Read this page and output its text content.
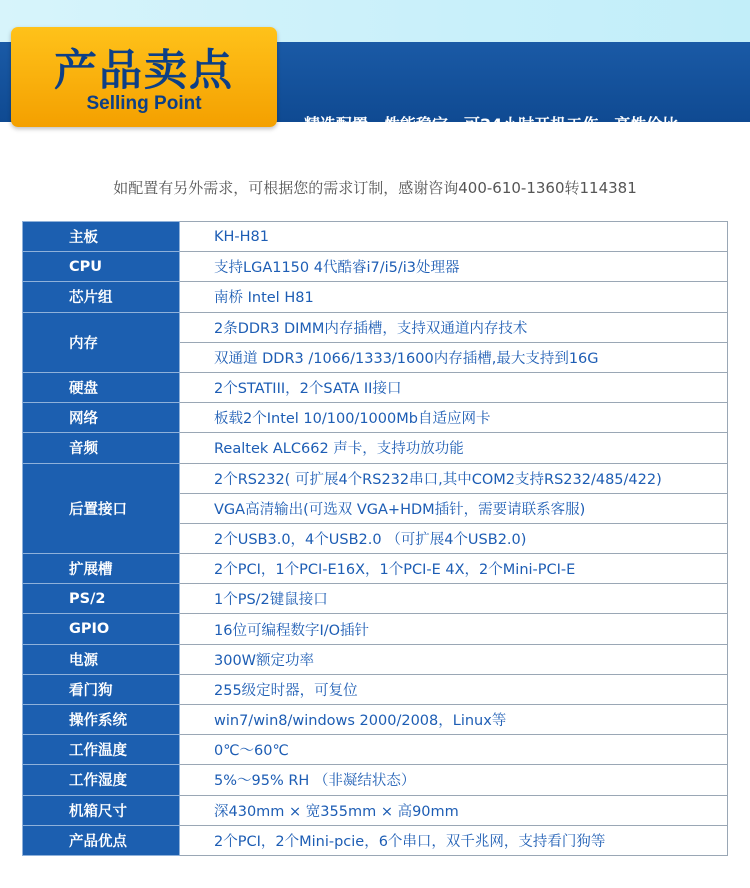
精选配置，性能稳定，可24小时开机工作，高性价比
产品卖点
Selling Point
如配置有另外需求，可根据您的需求订制，感谢咨询400-610-1360转114381
主板	KH-H81
CPU	支持LGA1150 4代酷睿i7/i5/i3处理器
芯片组	南桥 Intel H81
内存	2条DDR3 DIMM内存插槽，支持双通道内存技术
	双通道 DDR3 /1066/1333/1600内存插槽,最大支持到16G
硬盘	2个STATIII，2个SATA II接口
网络	板载2个Intel 10/100/1000Mb自适应网卡
音频	Realtek ALC662 声卡，支持功放功能
后置接口	2个RS232( 可扩展4个RS232串口,其中COM2支持RS232/485/422)
	VGA高清输出(可选双 VGA+HDM插针，需要请联系客服)
	2个USB3.0，4个USB2.0 （可扩展4个USB2.0)
扩展槽	2个PCI，1个PCI-E16X，1个PCI-E 4X，2个Mini-PCI-E
PS/2	1个PS/2键鼠接口
GPIO	16位可编程数字I/O插针
电源	300W额定功率
看门狗	255级定时器，可复位
操作系统	win7/win8/windows 2000/2008，Linux等
工作温度	0℃～60℃
工作湿度	5%～95% RH （非凝结状态）
机箱尺寸	深430mm × 宽355mm × 高90mm
产品优点	2个PCI，2个Mini-pcie，6个串口，双千兆网，支持看门狗等
